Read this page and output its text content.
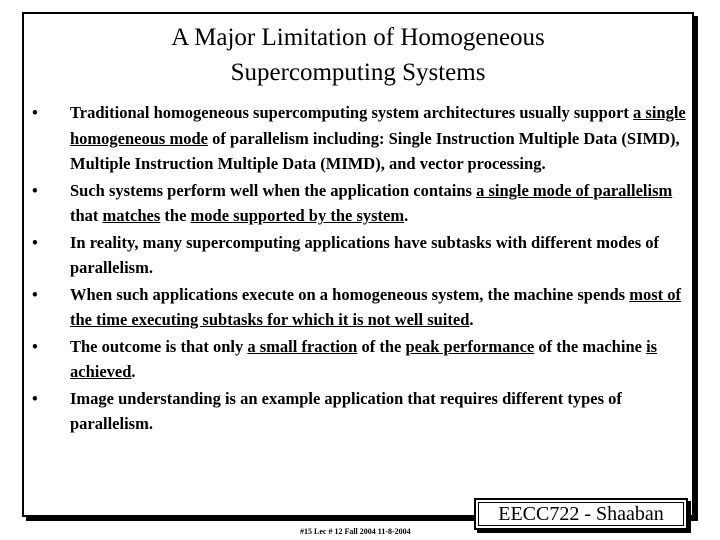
A Major Limitation of Homogeneous
Supercomputing Systems
•	Traditional homogeneous supercomputing system architectures usually support a single homogeneous mode of parallelism including: Single Instruction Multiple Data (SIMD), Multiple Instruction Multiple Data (MIMD), and vector processing.
•	Such systems perform well when the application contains a single mode of parallelism that matches the mode supported by the system.
•	In reality, many supercomputing applications have subtasks with different modes of parallelism.
•	When such applications execute on a homogeneous system, the machine spends most of the time executing subtasks for which it is not well suited.
•	The outcome is that only a small fraction of the peak performance of the machine is achieved.
•	Image understanding is an example application that requires different types of parallelism.
EECC722 - Shaaban
#15 Lec # 12 Fall 2004 11-8-2004
